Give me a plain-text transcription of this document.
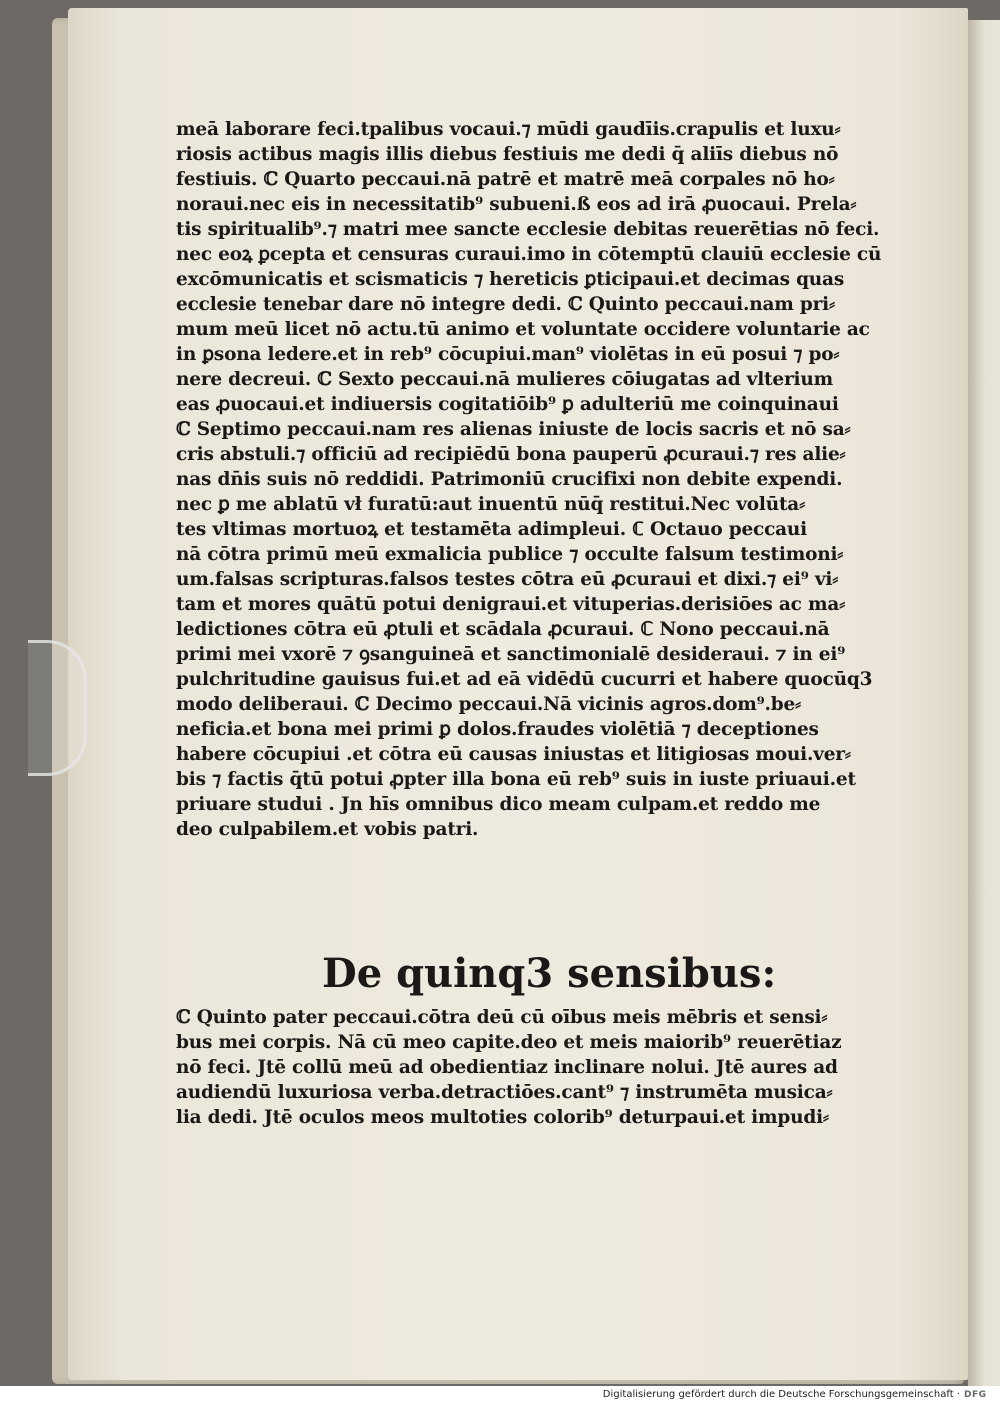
meā laborare feci.tpalibus vocaui.⁊ mūdi gaudīis.crapulis et luxu⸗
riosis actibus magis illis diebus festiuis me dedi q̄ aliīs diebus nō
festiuis. ℂ Quarto peccaui.nā patrē et matrē meā corpales nō ho⸗
noraui.nec eis in necessitatib⁹ subueni.ß eos ad irā ꝓuocaui. Prela⸗
tis spiritualib⁹.⁊ matri mee sancte ecclesie debitas reuerētias nō feci.
nec eoꝝ ꝑcepta et censuras curaui.imo in cōtemptū clauiū ecclesie cū
excōmunicatis et scismaticis ⁊ hereticis ꝑticipaui.et decimas quas
ecclesie tenebar dare nō integre dedi. ℂ Quinto peccaui.nam pri⸗
mum meū licet nō actu.tū animo et voluntate occidere voluntarie ac
in ꝑsona ledere.et in reb⁹ cōcupiui.man⁹ violētas in eū posui ⁊ po⸗
nere decreui. ℂ Sexto peccaui.nā mulieres cōiugatas ad vlterium
eas ꝓuocaui.et indiuersis cogitatiōib⁹ ꝑ adulteriū me coinquinaui
ℂ Septimo peccaui.nam res alienas iniuste de locis sacris et nō sa⸗
cris abstuli.⁊ officiū ad recipiēdū bona pauperū ꝓcuraui.⁊ res alie⸗
nas dn̄is suis nō reddidi. Patrimoniū crucifixi non debite expendi.
nec ꝑ me ablatū vł furatū:aut inuentū nūq̄ restitui.Nec volūta⸗
tes vltimas mortuoꝝ et testamēta adimpleui. ℂ Octauo peccaui
nā cōtra primū meū exmalicia publice ⁊ occulte falsum testimoni⸗
um.falsas scripturas.falsos testes cōtra eū ꝓcuraui et dixi.⁊ ei⁹ vi⸗
tam et mores quātū potui denigraui.et vituperias.derisiōes ac ma⸗
ledictiones cōtra eū ꝓtuli et scādala ꝓcuraui. ℂ Nono peccaui.nā
primi mei vxorē ⁊ ꝯsanguineā et sanctimonialē desideraui. ⁊ in ei⁹
pulchritudine gauisus fui.et ad eā vidēdū cucurri et habere quocūq3
modo deliberaui. ℂ Decimo peccaui.Nā vicinis agros.dom⁹.be⸗
neficia.et bona mei primi ꝑ dolos.fraudes violētiā ⁊ deceptiones
habere cōcupiui .et cōtra eū causas iniustas et litigiosas moui.ver⸗
bis ⁊ factis q̄tū potui ꝓpter illa bona eū reb⁹ suis in iuste priuaui.et
priuare studui . Jn hīs omnibus dico meam culpam.et reddo me
deo culpabilem.et vobis patri.
De quinq3 sensibus:
ℂ Quinto pater peccaui.cōtra deū cū oībus meis mēbris et sensi⸗
bus mei corpis. Nā cū meo capite.deo et meis maiorib⁹ reuerētiaz
nō feci. Jtē collū meū ad obedientiaz inclinare nolui. Jtē aures ad
audiendū luxuriosa verba.detractiōes.cant⁹ ⁊ instrumēta musica⸗
lia dedi. Jtē oculos meos multoties colorib⁹ deturpaui.et impudi⸗
Digitalisierung gefördert durch die Deutsche Forschungsgemeinschaft · DFG
